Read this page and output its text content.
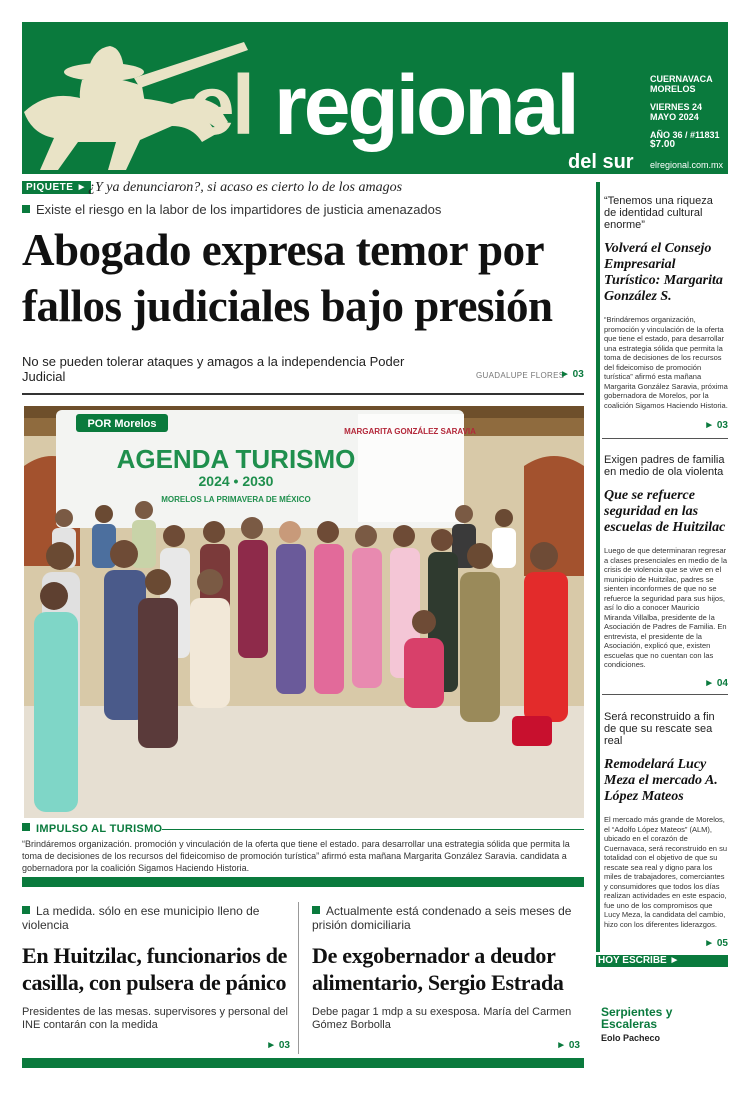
el regional
del sur
CUERNAVACA
MORELOS
VIERNES 24
MAYO 2024
AÑO 36 / #11831
$7.00
elregional.com.mx
PIQUETE ► ¿Y ya denunciaron?, si acaso es cierto lo de los amagos
Existe el riesgo en la labor de los impartidores de justicia amenazados
Abogado expresa temor por
fallos judiciales bajo presión
No se pueden tolerar ataques y amagos a la independencia Poder Judicial	GUADALUPE FLORES
► 03
POR Morelos
AGENDA TURISMO
2024 • 2030
MORELOS LA PRIMAVERA DE MÉXICO
MARGARITA GONZÁLEZ SARAVIA
IMPULSO AL TURISMO
“Brindáremos organización. promoción y vinculación de la oferta que tiene el estado. para desarrollar una estrategia sólida que permita la toma de decisiones de los recursos del fideicomiso de promoción turística” afirmó esta mañana Margarita González Saravia. candidata a gobernadora por la coalición Sigamos Haciendo Historia.
La medida. sólo en ese municipio lleno de violencia
En Huitzilac, funcionarios de casilla, con pulsera de pánico
Presidentes de las mesas. supervisores y personal del INE contarán con la medida
► 03
Actualmente está condenado a seis meses de prisión domiciliaria
De exgobernador a deudor alimentario, Sergio Estrada
Debe pagar 1 mdp a su exesposa. María del Carmen Gómez Borbolla
► 03
“Tenemos una riqueza de identidad cultural enorme”
Volverá el Consejo Empresarial Turístico: Margarita González S.
“Brindáremos organización, promoción y vinculación de la oferta que tiene el estado, para desarrollar una estrategia sólida que permita la toma de decisiones de los recursos del fideicomiso de promoción turística” afirmó esta mañana Margarita González Saravia, próxima gobernadora de Morelos, por la coalición Sigamos Haciendo Historia.
► 03
Exigen padres de familia en medio de ola violenta
Que se refuerce seguridad en las escuelas de Huitzilac
Luego de que determinaran regresar a clases presenciales en medio de la crisis de violencia que se vive en el municipio de Huitzilac, padres se sienten inconformes de que no se refuerce la seguridad para sus hijos, así lo dio a conocer Mauricio Miranda Villalba, presidente de la Asociación de Padres de Familia. En entrevista, el presidente de la Asociación, explicó que, existen escuelas que no cuentan con las condiciones.
► 04
Será reconstruido a fin de que su rescate sea real
Remodelará Lucy Meza el mercado A. López Mateos
El mercado más grande de Morelos, el “Adolfo López Mateos” (ALM), ubicado en el corazón de Cuernavaca, será reconstruido en su totalidad con el objetivo de que su rescate sea real y digno para los miles de trabajadores, comerciantes y consumidores que todos los días realizan actividades en este espacio, fue uno de los compromisos que Lucy Meza, la candidata del cambio, hizo con los diferentes liderazgos.
► 05
HOY ESCRIBE ►
Serpientes y Escaleras
Eolo Pacheco
